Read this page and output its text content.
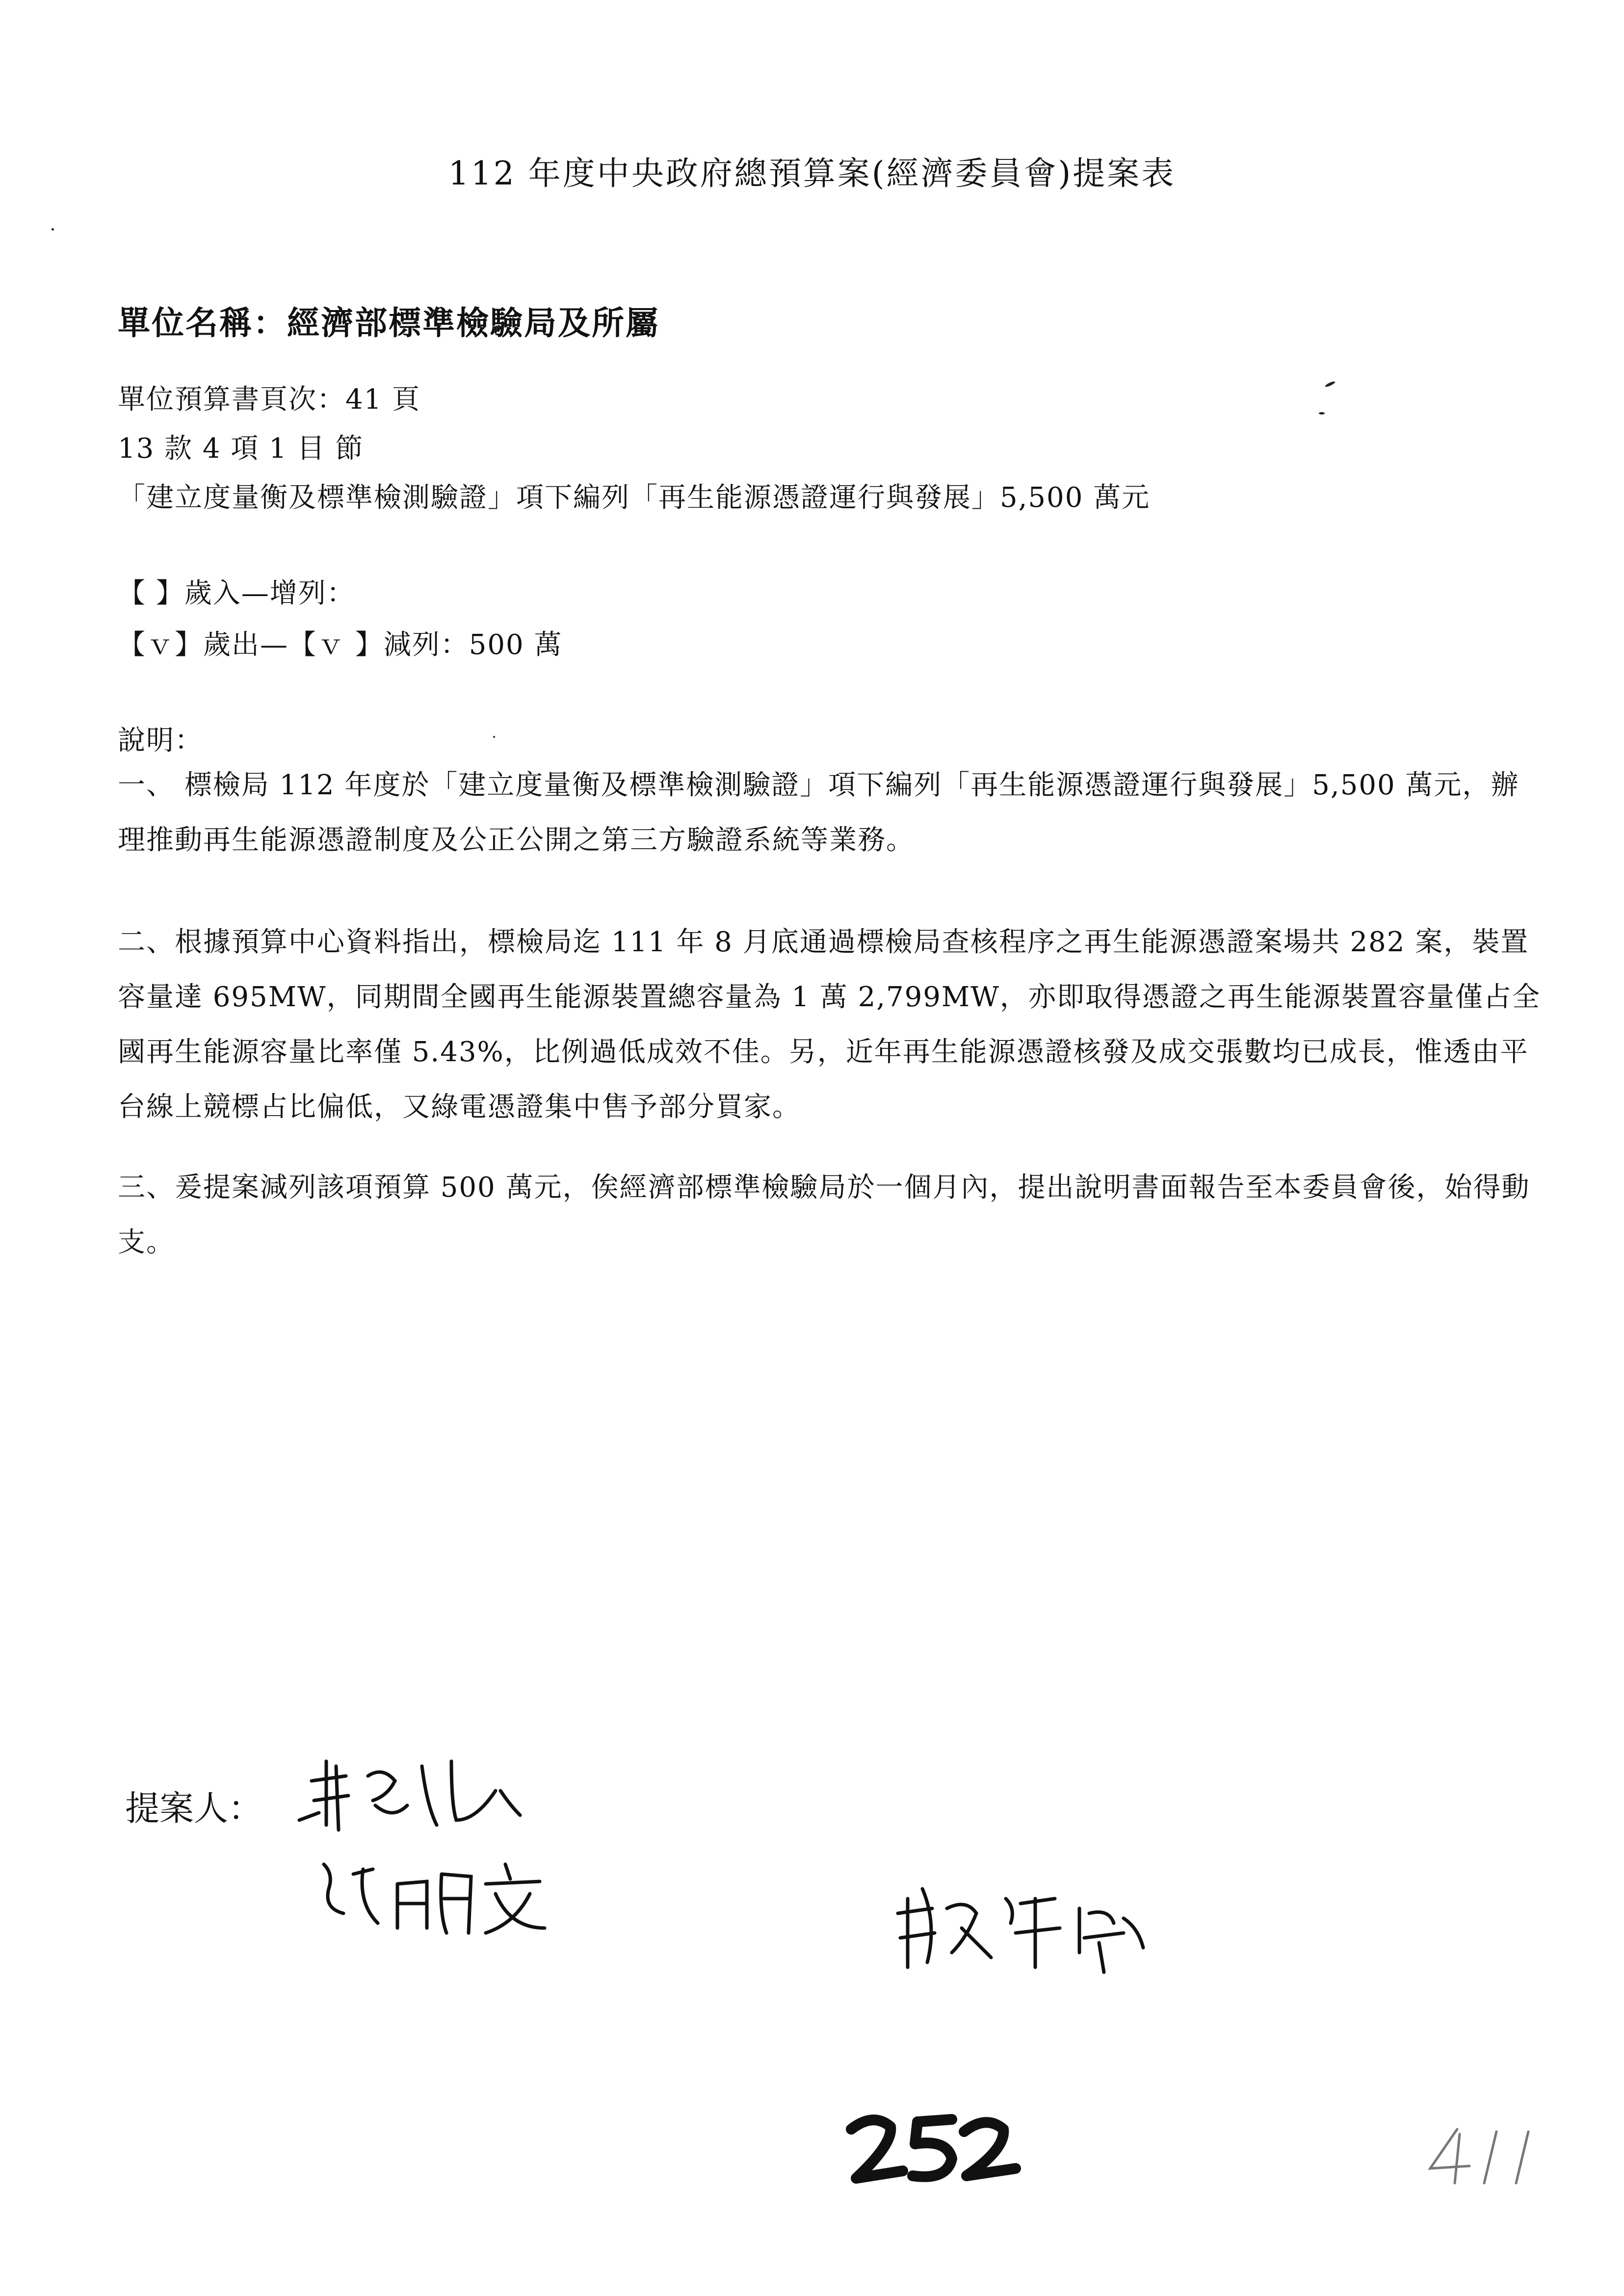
112 年度中央政府總預算案(經濟委員會)提案表
單位名稱：經濟部標準檢驗局及所屬
單位預算書頁次：41 頁
13 款 4 項 1 目 節
「建立度量衡及標準檢測驗證」項下編列「再生能源憑證運行與發展」5,500 萬元
【 】歲入—增列：
【ｖ】歲出—【ｖ 】減列：500 萬
說明：
一、 標檢局 112 年度於「建立度量衡及標準檢測驗證」項下編列「再生能源憑證運行與發展」5,500 萬元，辦理推動再生能源憑證制度及公正公開之第三方驗證系統等業務。
二、根據預算中心資料指出，標檢局迄 111 年 8 月底通過標檢局查核程序之再生能源憑證案場共 282 案，裝置容量達 695MW，同期間全國再生能源裝置總容量為 1 萬 2,799MW，亦即取得憑證之再生能源裝置容量僅占全國再生能源容量比率僅 5.43%，比例過低成效不佳。另，近年再生能源憑證核發及成交張數均已成長，惟透由平台線上競標占比偏低，又綠電憑證集中售予部分買家。
三、爰提案減列該項預算 500 萬元，俟經濟部標準檢驗局於一個月內，提出說明書面報告至本委員會後，始得動支。
提案人：
